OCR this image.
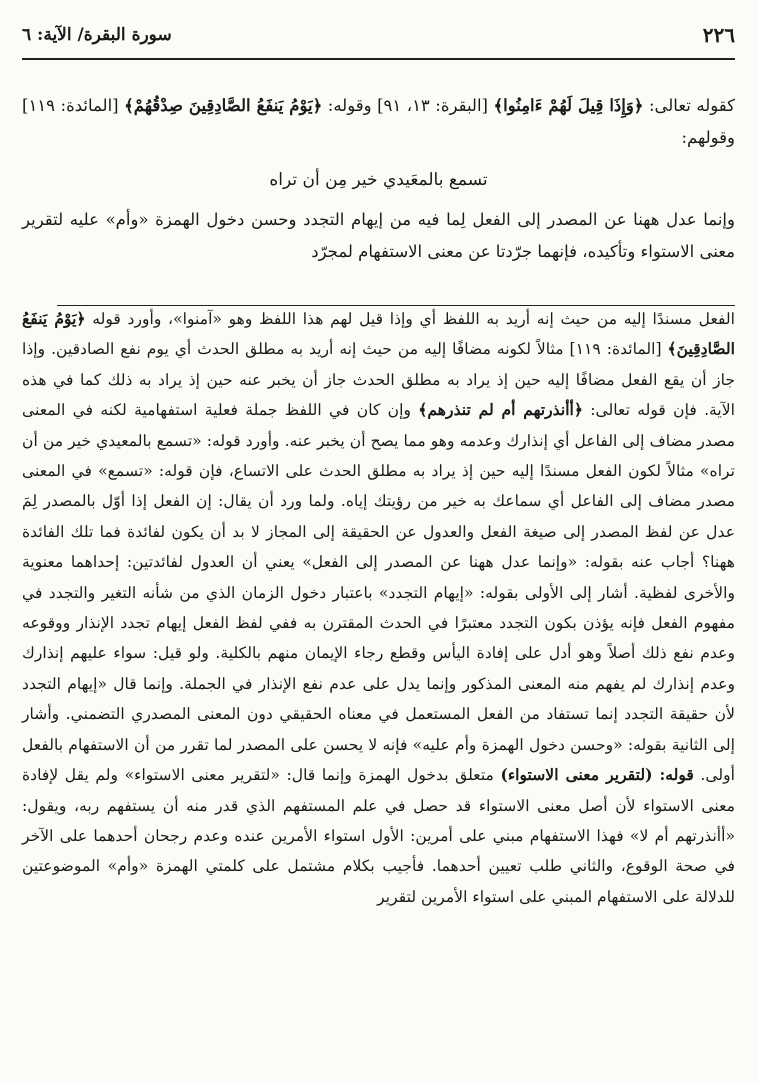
٢٢٦
سورة البقرة/ الآية: ٦

كقوله تعالى: ﴿وَإِذَا قِيلَ لَهُمْ ءَامِنُوا﴾ [البقرة: ١٣، ٩١] وقوله: ﴿يَوْمُ يَنفَعُ الصَّادِقِينَ صِدْقُهُمْ﴾ [المائدة: ١١٩] وقولهم:

تسمع بالمعَيدي خير مِن أن تراه

وإنما عدل ههنا عن المصدر إلى الفعل لِما فيه من إيهام التجدد وحسن دخول الهمزة «وأم» عليه لتقرير معنى الاستواء وتأكيده، فإنهما جرّدتا عن معنى الاستفهام لمجرّد

الفعل مسندًا إليه من حيث إنه أريد به اللفظ أي وإذا قيل لهم هذا اللفظ وهو «آمنوا»، وأورد قوله ﴿يَوْمُ يَنفَعُ الصَّادِقِينَ﴾ [المائدة: ١١٩] مثالاً لكونه مضافًا إليه من حيث إنه أريد به مطلق الحدث أي يوم نفع الصادقين. وإذا جاز أن يقع الفعل مضافًا إليه حين إذ يراد به مطلق الحدث جاز أن يخبر عنه حين إذ يراد به ذلك كما في هذه الآية. فإن قوله تعالى: ﴿أأنذرتهم أم لم تنذرهم﴾ وإن كان في اللفظ جملة فعلية استفهامية لكنه في المعنى مصدر مضاف إلى الفاعل أي إنذارك وعدمه وهو مما يصح أن يخبر عنه. وأورد قوله: «تسمع بالمعيدي خير من أن تراه» مثالاً لكون الفعل مسندًا إليه حين إذ يراد به مطلق الحدث على الاتساع، فإن قوله: «تسمع» في المعنى مصدر مضاف إلى الفاعل أي سماعك به خير من رؤيتك إياه. ولما ورد أن يقال: إن الفعل إذا أوّل بالمصدر لِمَ عدل عن لفظ المصدر إلى صيغة الفعل والعدول عن الحقيقة إلى المجاز لا بد أن يكون لفائدة فما تلك الفائدة ههنا؟ أجاب عنه بقوله: «وإنما عدل ههنا عن المصدر إلى الفعل» يعني أن العدول لفائدتين: إحداهما معنوية والأخرى لفظية. أشار إلى الأولى بقوله: «إيهام التجدد» باعتبار دخول الزمان الذي من شأنه التغير والتجدد في مفهوم الفعل فإنه يؤذن بكون التجدد معتبرًا في الحدث المقترن به ففي لفظ الفعل إيهام تجدد الإنذار ووقوعه وعدم نفع ذلك أصلاً وهو أدل على إفادة اليأس وقطع رجاء الإيمان منهم بالكلية. ولو قيل: سواء عليهم إنذارك وعدم إنذارك لم يفهم منه المعنى المذكور وإنما يدل على عدم نفع الإنذار في الجملة. وإنما قال «إيهام التجدد لأن حقيقة التجدد إنما تستفاد من الفعل المستعمل في معناه الحقيقي دون المعنى المصدري التضمني. وأشار إلى الثانية بقوله: «وحسن دخول الهمزة وأم عليه» فإنه لا يحسن على المصدر لما تقرر من أن الاستفهام بالفعل أولى. قوله: (لتقرير معنى الاستواء) متعلق بدخول الهمزة وإنما قال: «لتقرير معنى الاستواء» ولم يقل لإفادة معنى الاستواء لأن أصل معنى الاستواء قد حصل في علم المستفهم الذي قدر منه أن يستفهم ربه، ويقول: «أأنذرتهم أم لا» فهذا الاستفهام مبني على أمرين: الأول استواء الأمرين عنده وعدم رجحان أحدهما على الآخر في صحة الوقوع، والثاني طلب تعيين أحدهما. فأجيب بكلام مشتمل على كلمتي الهمزة «وأم» الموضوعتين للدلالة على الاستفهام المبني على استواء الأمرين لتقرير
